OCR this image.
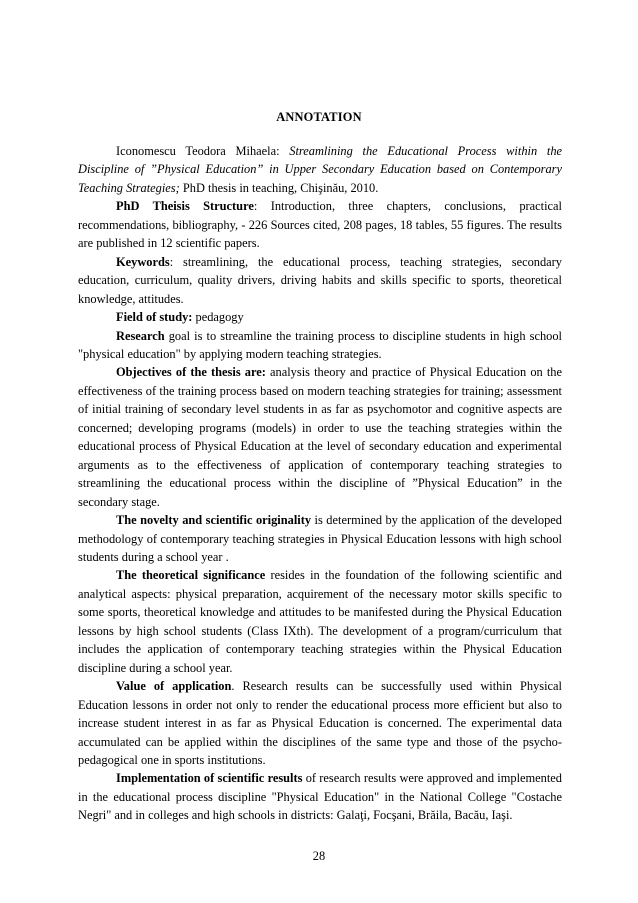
ANNOTATION

Iconomescu Teodora Mihaela: Streamlining the Educational Process within the Discipline of ”Physical Education” in Upper Secondary Education based on Contemporary Teaching Strategies; PhD thesis in teaching, Chişinău, 2010.

PhD Theisis Structure: Introduction, three chapters, conclusions, practical recommendations, bibliography, - 226 Sources cited, 208 pages, 18 tables, 55 figures. The results are published in 12 scientific papers.

Keywords: streamlining, the educational process, teaching strategies, secondary education, curriculum, quality drivers, driving habits and skills specific to sports, theoretical knowledge, attitudes.

Field of study: pedagogy

Research goal is to streamline the training process to discipline students in high school "physical education" by applying modern teaching strategies.

Objectives of the thesis are: analysis theory and practice of Physical Education on the effectiveness of the training process based on modern teaching strategies for training; assessment of initial training of secondary level students in as far as psychomotor and cognitive aspects are concerned; developing programs (models) in order to use the teaching strategies within the educational process of Physical Education at the level of secondary education and experimental arguments as to the effectiveness of application of contemporary teaching strategies to streamlining the educational process within the discipline of ”Physical Education” in the secondary stage.

The novelty and scientific originality is determined by the application of the developed methodology of contemporary teaching strategies in Physical Education lessons with high school students during a school year .

The theoretical significance resides in the foundation of the following scientific and analytical aspects: physical preparation, acquirement of the necessary motor skills specific to some sports, theoretical knowledge and attitudes to be manifested during the Physical Education lessons by high school students (Class IXth). The development of a program/curriculum that includes the application of contemporary teaching strategies within the Physical Education discipline during a school year.

Value of application. Research results can be successfully used within Physical Education lessons in order not only to render the educational process more efficient but also to increase student interest in as far as Physical Education is concerned. The experimental data accumulated can be applied within the disciplines of the same type and those of the psycho-pedagogical one in sports institutions.

Implementation of scientific results of research results were approved and implemented in the educational process discipline "Physical Education" in the National College "Costache Negri" and in colleges and high schools in districts: Galaţi, Focşani, Brăila, Bacău, Iaşi.

28
